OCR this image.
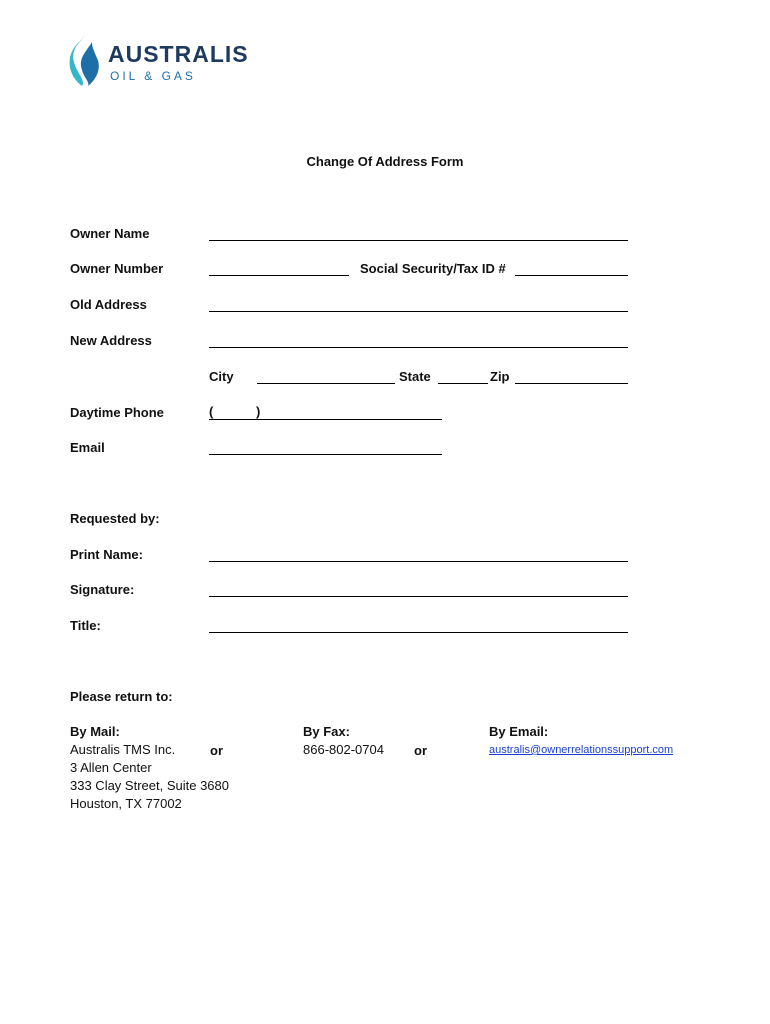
AUSTRALIS
OIL & GAS
Change Of Address Form
Owner Name
Owner Number	Social Security/Tax ID #
Old Address
New Address
City	State	Zip
Daytime Phone	(	)
Email
Requested by:
Print Name:
Signature:
Title:
Please return to:
By Mail:
Australis TMS Inc.
3 Allen Center
333 Clay Street, Suite 3680
Houston, TX 77002
or
By Fax:
866-802-0704 or
By Email:
australis@ownerrelationssupport.com
